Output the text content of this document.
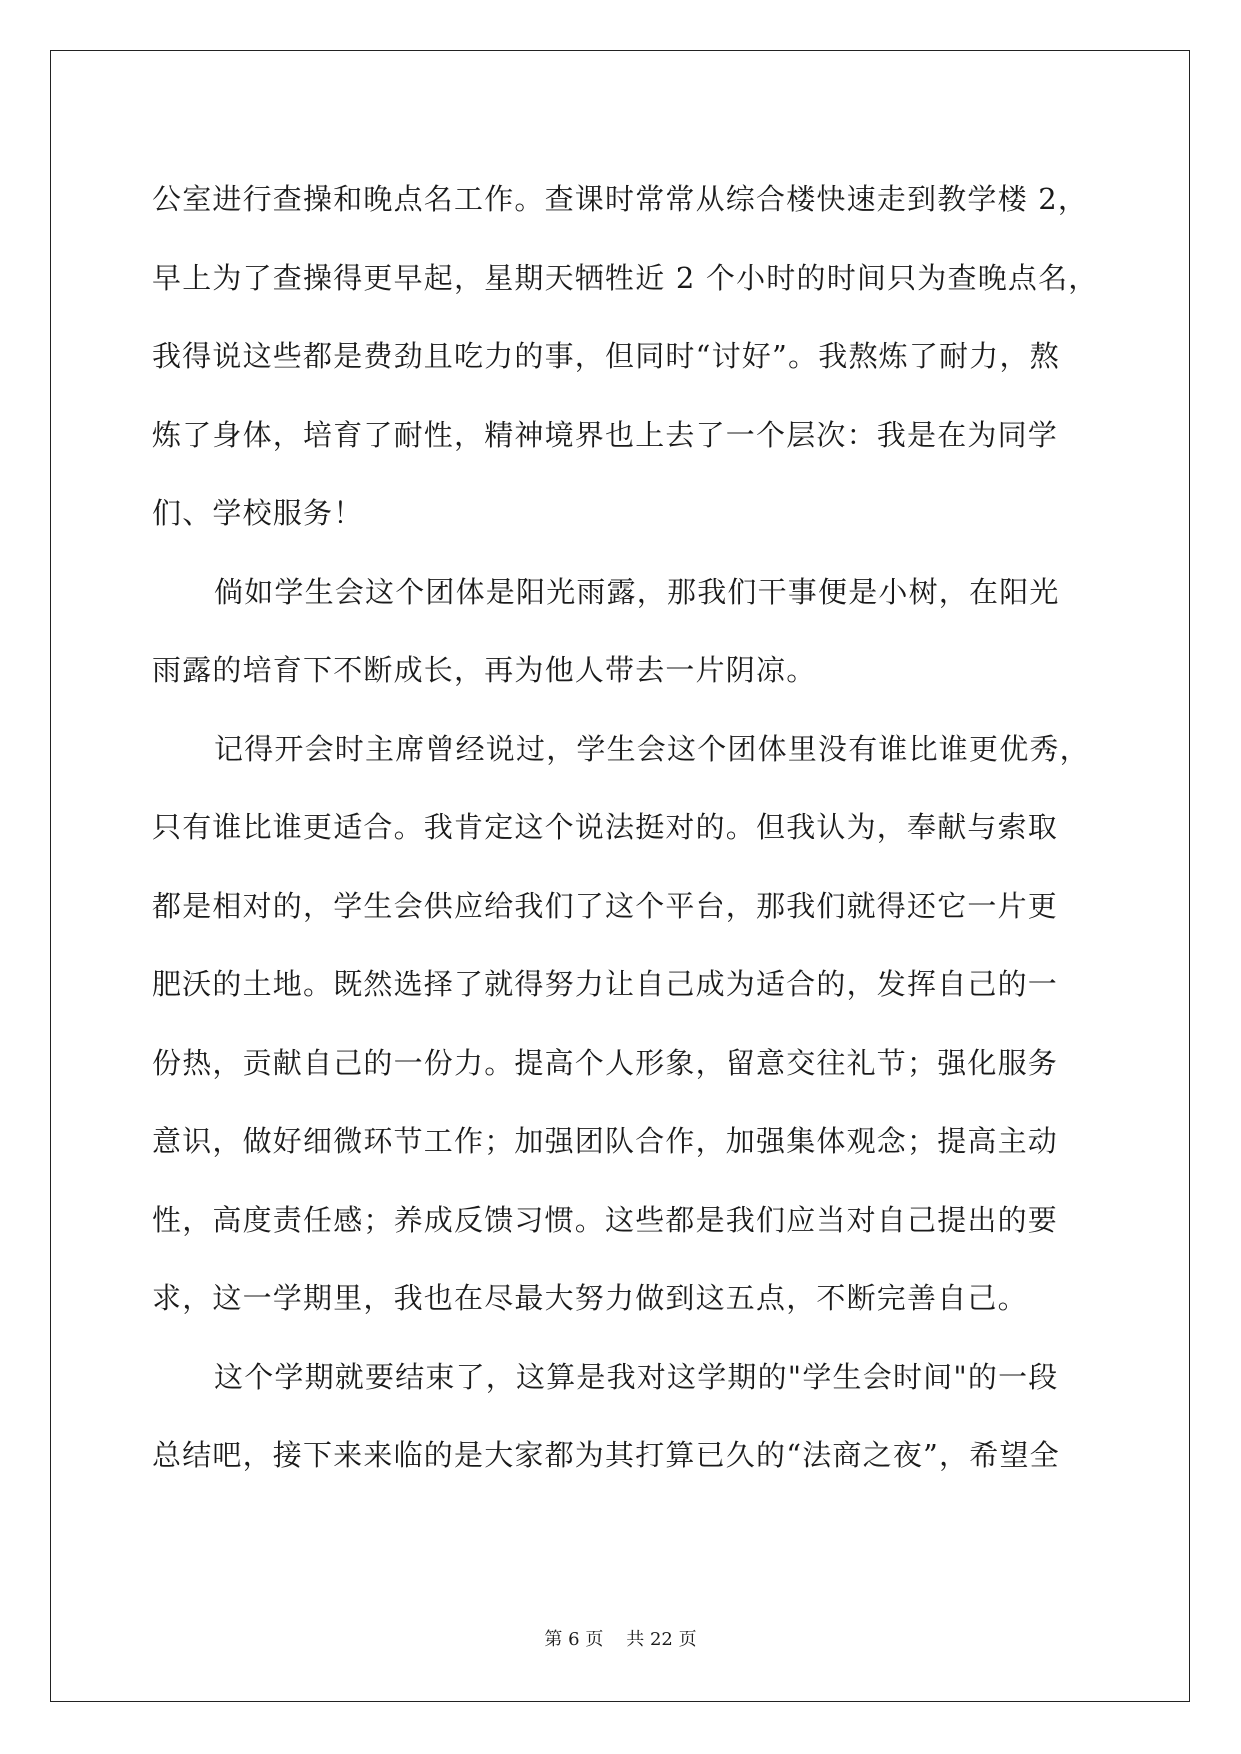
公室进行查操和晚点名工作。查课时常常从综合楼快速走到教学楼 2，
早上为了查操得更早起，星期天牺牲近 2 个小时的时间只为查晚点名，
我得说这些都是费劲且吃力的事，但同时“讨好”。我熬炼了耐力，熬
炼了身体，培育了耐性，精神境界也上去了一个层次：我是在为同学
们、学校服务！
倘如学生会这个团体是阳光雨露，那我们干事便是小树，在阳光
雨露的培育下不断成长，再为他人带去一片阴凉。
记得开会时主席曾经说过，学生会这个团体里没有谁比谁更优秀，
只有谁比谁更适合。我肯定这个说法挺对的。但我认为，奉献与索取
都是相对的，学生会供应给我们了这个平台，那我们就得还它一片更
肥沃的土地。既然选择了就得努力让自己成为适合的，发挥自己的一
份热，贡献自己的一份力。提高个人形象，留意交往礼节；强化服务
意识，做好细微环节工作；加强团队合作，加强集体观念；提高主动
性，高度责任感；养成反馈习惯。这些都是我们应当对自己提出的要
求，这一学期里，我也在尽最大努力做到这五点，不断完善自己。
这个学期就要结束了，这算是我对这学期的"学生会时间"的一段
总结吧，接下来来临的是大家都为其打算已久的“法商之夜”，希望全
第 6 页 共 22 页
